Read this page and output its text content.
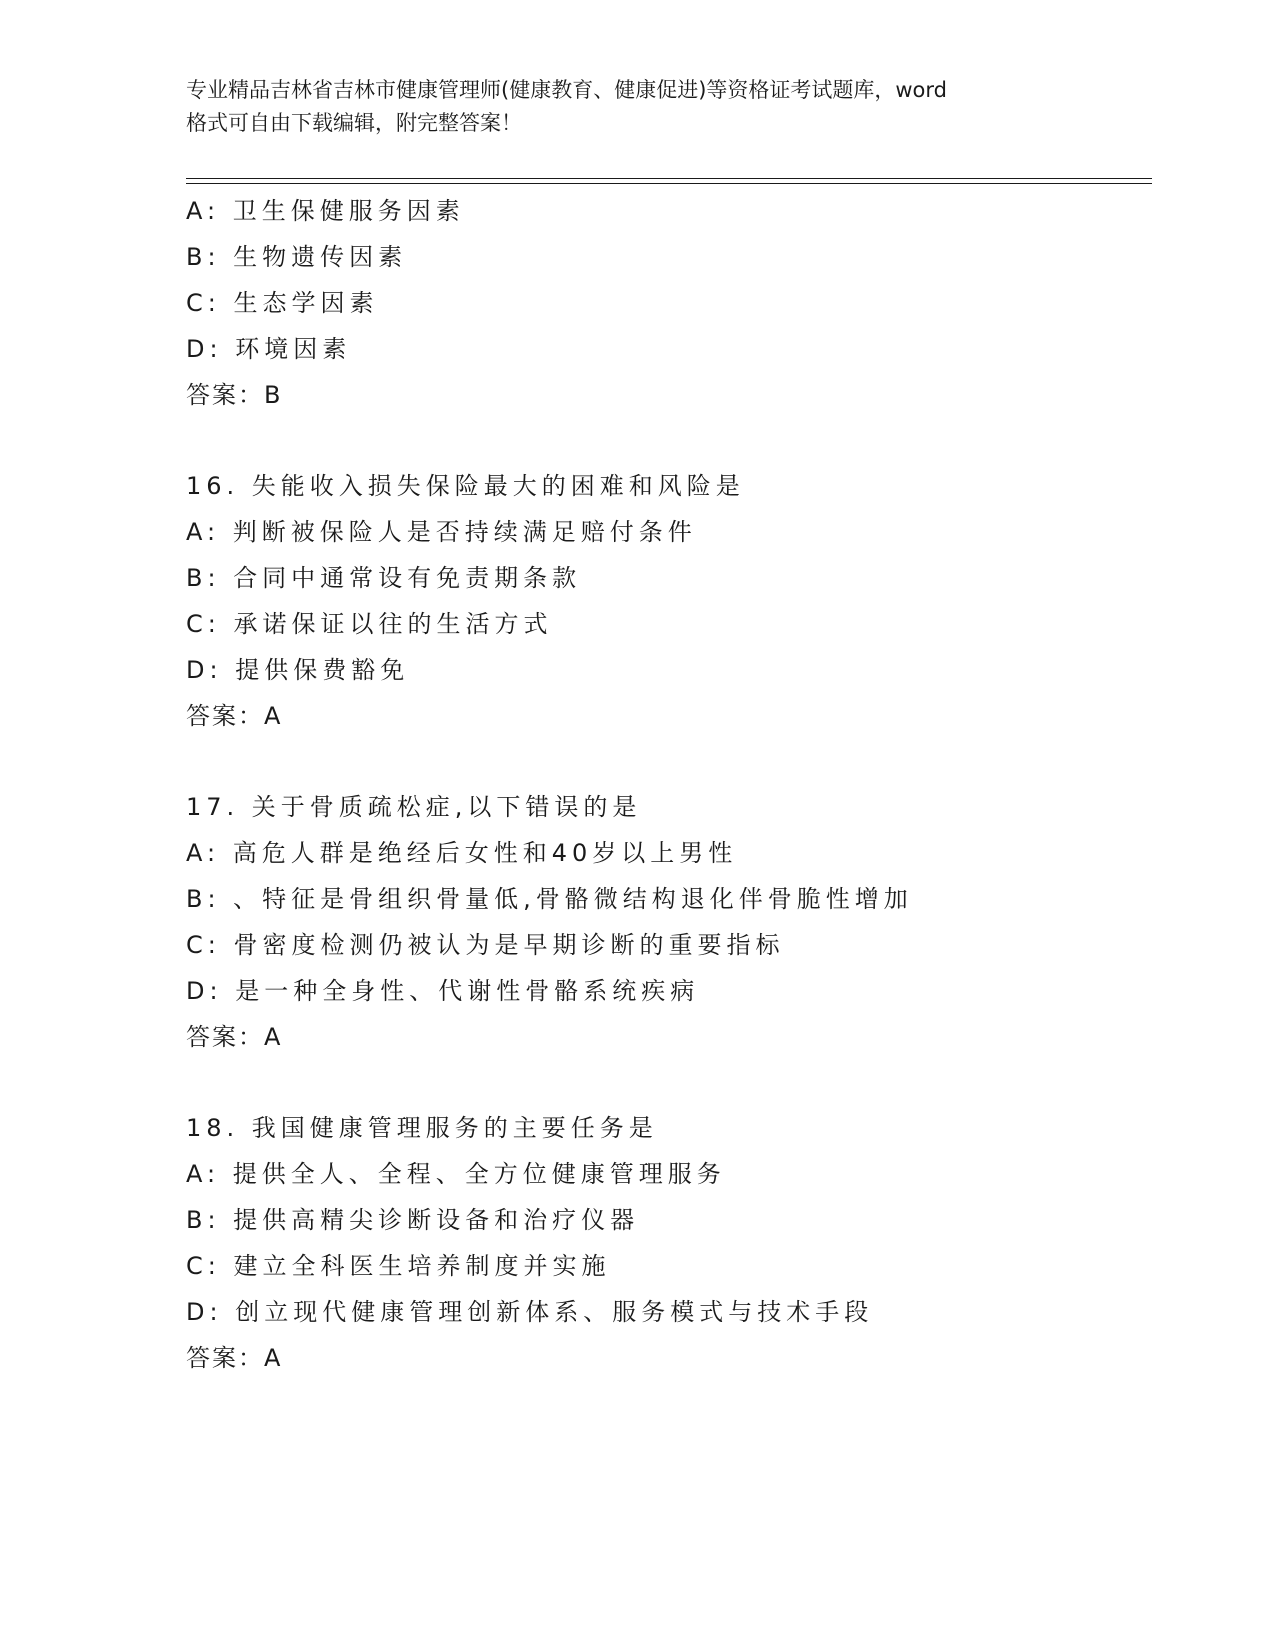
专业精品吉林省吉林市健康管理师(健康教育、健康促进)等资格证考试题库，word
格式可自由下载编辑，附完整答案！
A: 卫生保健服务因素
B: 生物遗传因素
C: 生态学因素
D: 环境因素
答案：B
16. 失能收入损失保险最大的困难和风险是
A: 判断被保险人是否持续满足赔付条件
B: 合同中通常设有免责期条款
C: 承诺保证以往的生活方式
D: 提供保费豁免
答案：A
17. 关于骨质疏松症,以下错误的是
A: 高危人群是绝经后女性和40岁以上男性
B: 、特征是骨组织骨量低,骨骼微结构退化伴骨脆性增加
C: 骨密度检测仍被认为是早期诊断的重要指标
D: 是一种全身性、代谢性骨骼系统疾病
答案：A
18. 我国健康管理服务的主要任务是
A: 提供全人、全程、全方位健康管理服务
B: 提供高精尖诊断设备和治疗仪器
C: 建立全科医生培养制度并实施
D: 创立现代健康管理创新体系、服务模式与技术手段
答案：A
